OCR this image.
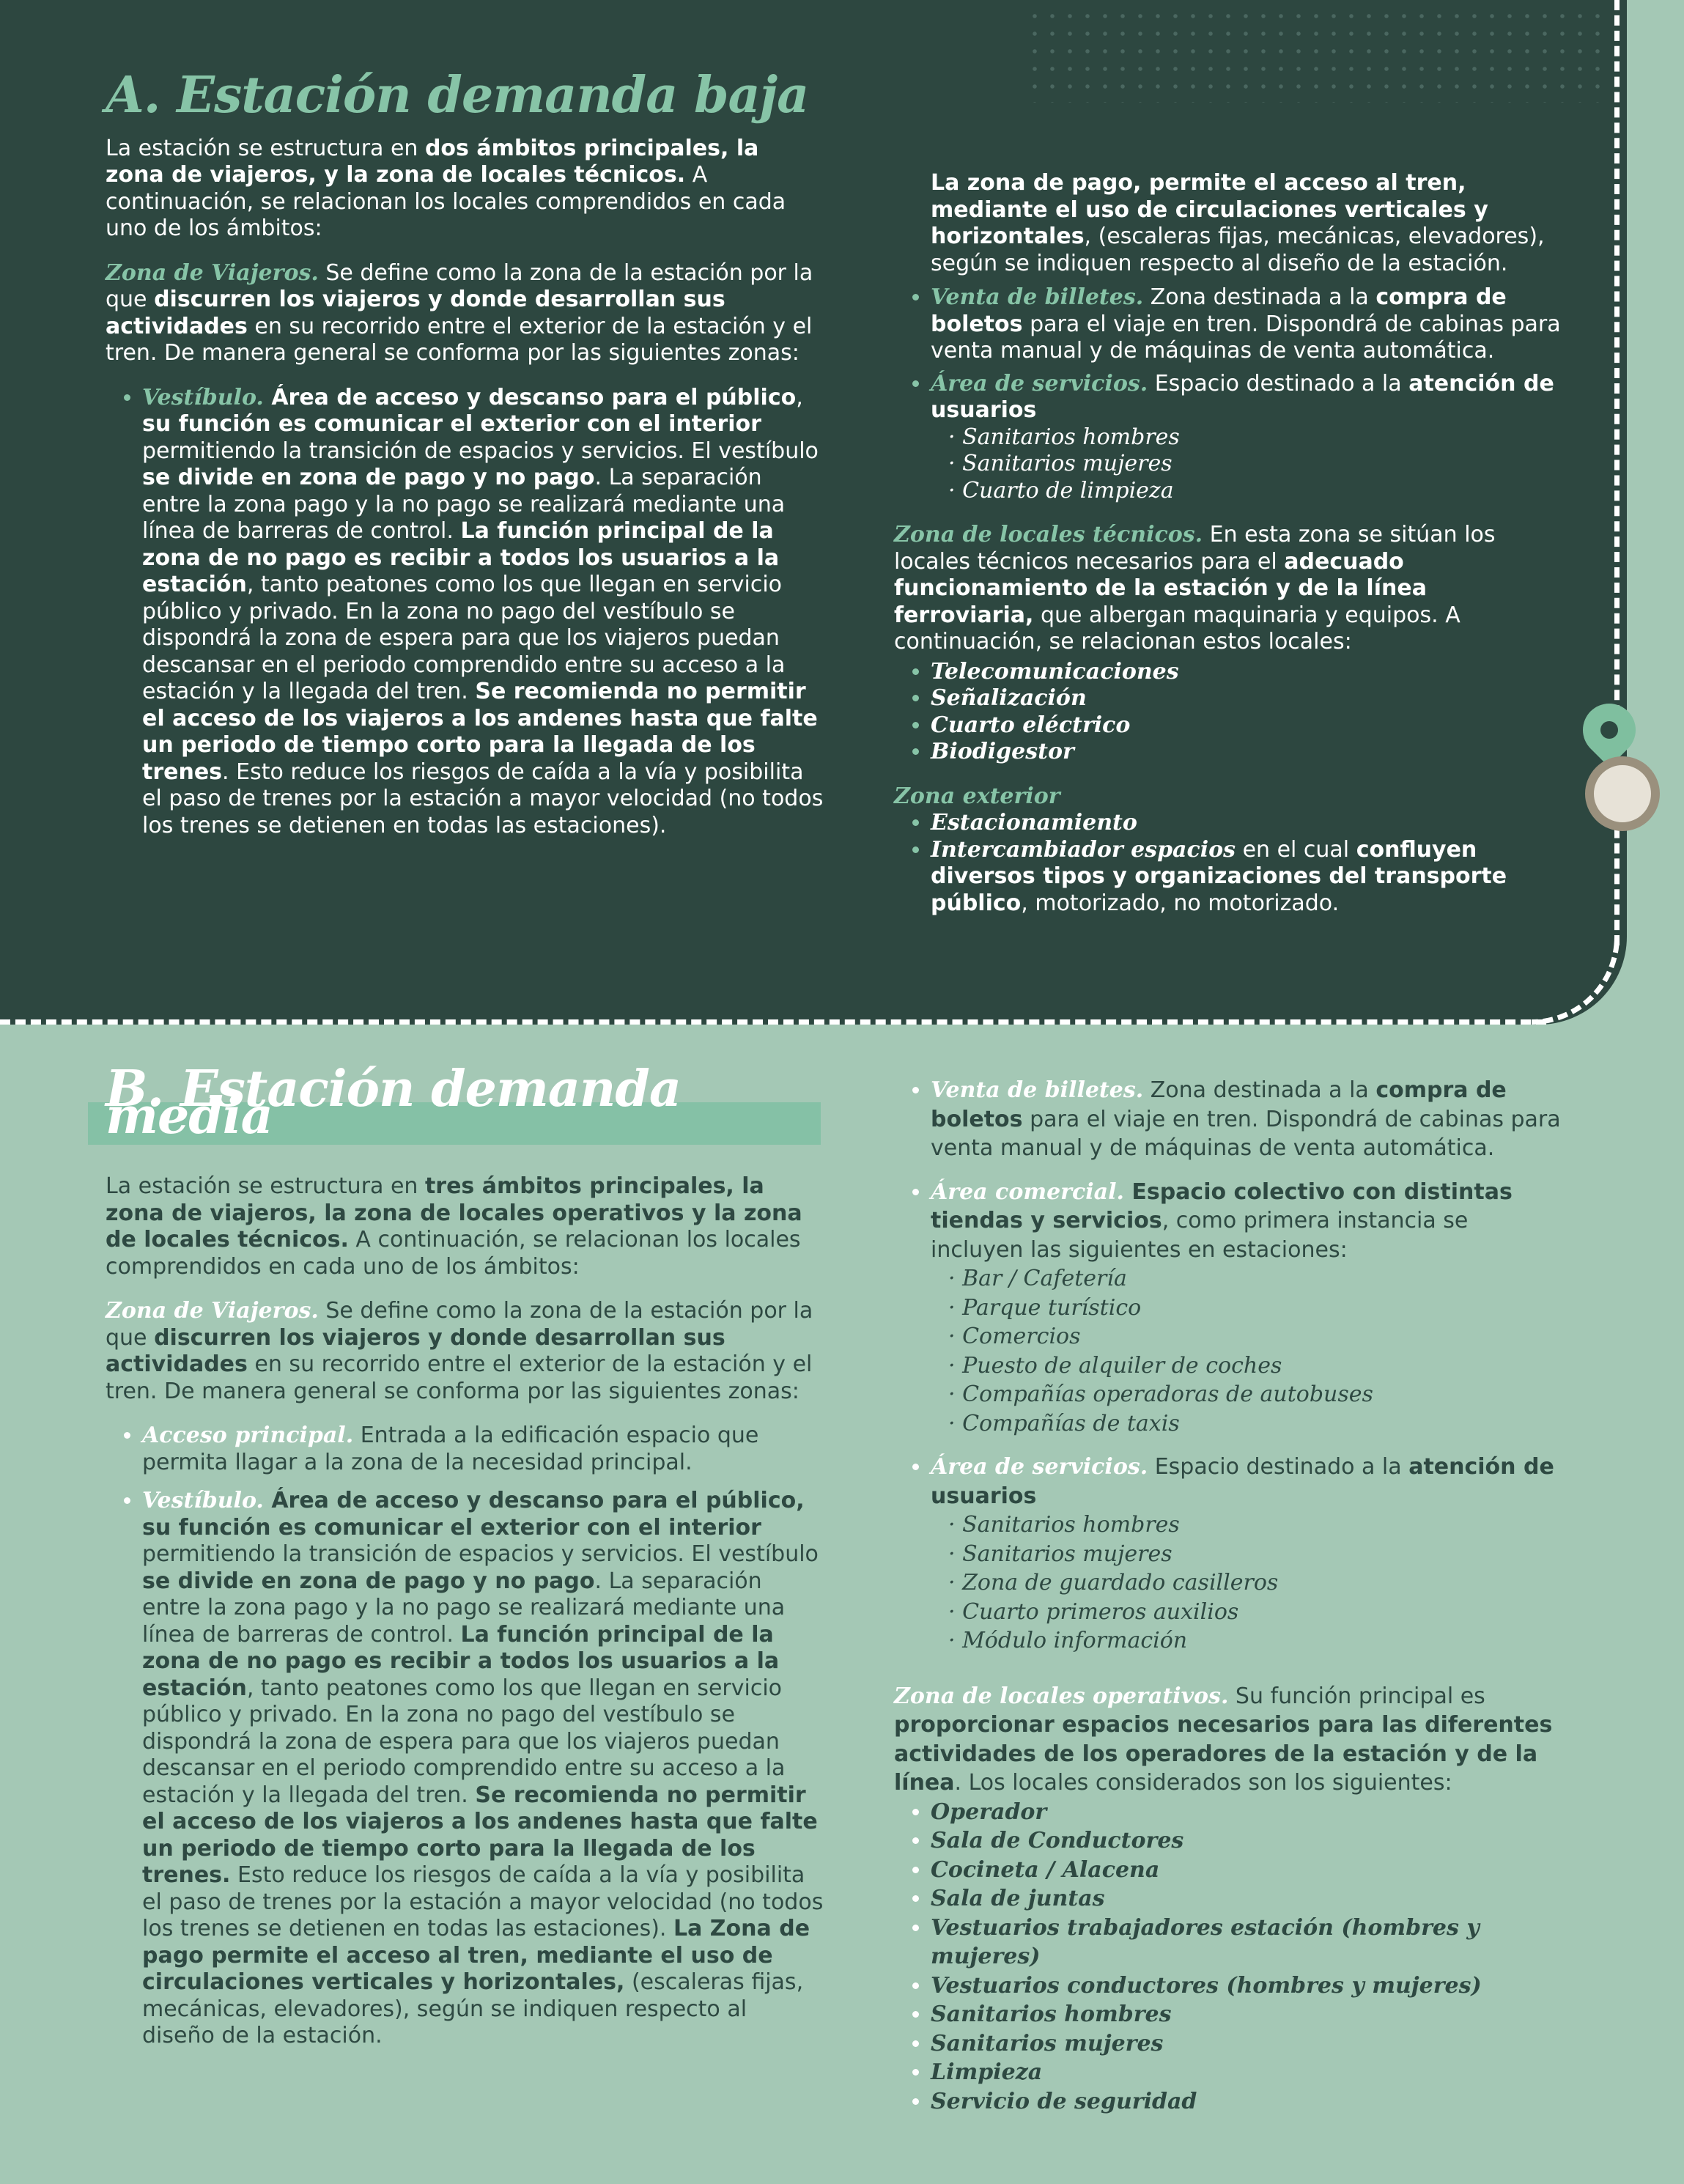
A. Estación demanda baja

La estación se estructura en dos ámbitos principales, la zona de viajeros, y la zona de locales técnicos. A continuación, se relacionan los locales comprendidos en cada uno de los ámbitos:

Zona de Viajeros. Se define como la zona de la estación por la que discurren los viajeros y donde desarrollan sus actividades en su recorrido entre el exterior de la estación y el tren. De manera general se conforma por las siguientes zonas:

• Vestíbulo. Área de acceso y descanso para el público, su función es comunicar el exterior con el interior permitiendo la transición de espacios y servicios. El vestíbulo se divide en zona de pago y no pago. La separación entre la zona pago y la no pago se realizará mediante una línea de barreras de control. La función principal de la zona de no pago es recibir a todos los usuarios a la estación, tanto peatones como los que llegan en servicio público y privado. En la zona no pago del vestíbulo se dispondrá la zona de espera para que los viajeros puedan descansar en el periodo comprendido entre su acceso a la estación y la llegada del tren. Se recomienda no permitir el acceso de los viajeros a los andenes hasta que falte un periodo de tiempo corto para la llegada de los trenes. Esto reduce los riesgos de caída a la vía y posibilita el paso de trenes por la estación a mayor velocidad (no todos los trenes se detienen en todas las estaciones).
La zona de pago, permite el acceso al tren, mediante el uso de circulaciones verticales y horizontales, (escaleras fijas, mecánicas, elevadores), según se indiquen respecto al diseño de la estación.
• Venta de billetes. Zona destinada a la compra de boletos para el viaje en tren. Dispondrá de cabinas para venta manual y de máquinas de venta automática.
• Área de servicios. Espacio destinado a la atención de usuarios
· Sanitarios hombres
· Sanitarios mujeres
· Cuarto de limpieza

Zona de locales técnicos. En esta zona se sitúan los locales técnicos necesarios para el adecuado funcionamiento de la estación y de la línea ferroviaria, que albergan maquinaria y equipos. A continuación, se relacionan estos locales:

• Telecomunicaciones
• Señalización
• Cuarto eléctrico
• Biodigestor

Zona exterior

• Estacionamiento
• Intercambiador espacios en el cual confluyen diversos tipos y organizaciones del transporte público, motorizado, no motorizado.
B. Estación demanda media

La estación se estructura en tres ámbitos principales, la zona de viajeros, la zona de locales operativos y la zona de locales técnicos. A continuación, se relacionan los locales comprendidos en cada uno de los ámbitos:

Zona de Viajeros. Se define como la zona de la estación por la que discurren los viajeros y donde desarrollan sus actividades en su recorrido entre el exterior de la estación y el tren. De manera general se conforma por las siguientes zonas:

• Acceso principal. Entrada a la edificación espacio que permita llagar a la zona de la necesidad principal.
• Vestíbulo. Área de acceso y descanso para el público, su función es comunicar el exterior con el interior permitiendo la transición de espacios y servicios. El vestíbulo se divide en zona de pago y no pago. La separación entre la zona pago y la no pago se realizará mediante una línea de barreras de control. La función principal de la zona de no pago es recibir a todos los usuarios a la estación, tanto peatones como los que llegan en servicio público y privado. En la zona no pago del vestíbulo se dispondrá la zona de espera para que los viajeros puedan descansar en el periodo comprendido entre su acceso a la estación y la llegada del tren. Se recomienda no permitir el acceso de los viajeros a los andenes hasta que falte un periodo de tiempo corto para la llegada de los trenes. Esto reduce los riesgos de caída a la vía y posibilita el paso de trenes por la estación a mayor velocidad (no todos los trenes se detienen en todas las estaciones). La Zona de pago permite el acceso al tren, mediante el uso de circulaciones verticales y horizontales, (escaleras fijas, mecánicas, elevadores), según se indiquen respecto al diseño de la estación.
• Venta de billetes. Zona destinada a la compra de boletos para el viaje en tren. Dispondrá de cabinas para venta manual y de máquinas de venta automática.
• Área comercial. Espacio colectivo con distintas tiendas y servicios, como primera instancia se incluyen las siguientes en estaciones:
· Bar / Cafetería
· Parque turístico
· Comercios
· Puesto de alquiler de coches
· Compañías operadoras de autobuses
· Compañías de taxis
• Área de servicios. Espacio destinado a la atención de usuarios
· Sanitarios hombres
· Sanitarios mujeres
· Zona de guardado casilleros
· Cuarto primeros auxilios
· Módulo información

Zona de locales operativos. Su función principal es proporcionar espacios necesarios para las diferentes actividades de los operadores de la estación y de la línea. Los locales considerados son los siguientes:

• Operador
• Sala de Conductores
• Cocineta / Alacena
• Sala de juntas
• Vestuarios trabajadores estación (hombres y mujeres)
• Vestuarios conductores (hombres y mujeres)
• Sanitarios hombres
• Sanitarios mujeres
• Limpieza
• Servicio de seguridad
